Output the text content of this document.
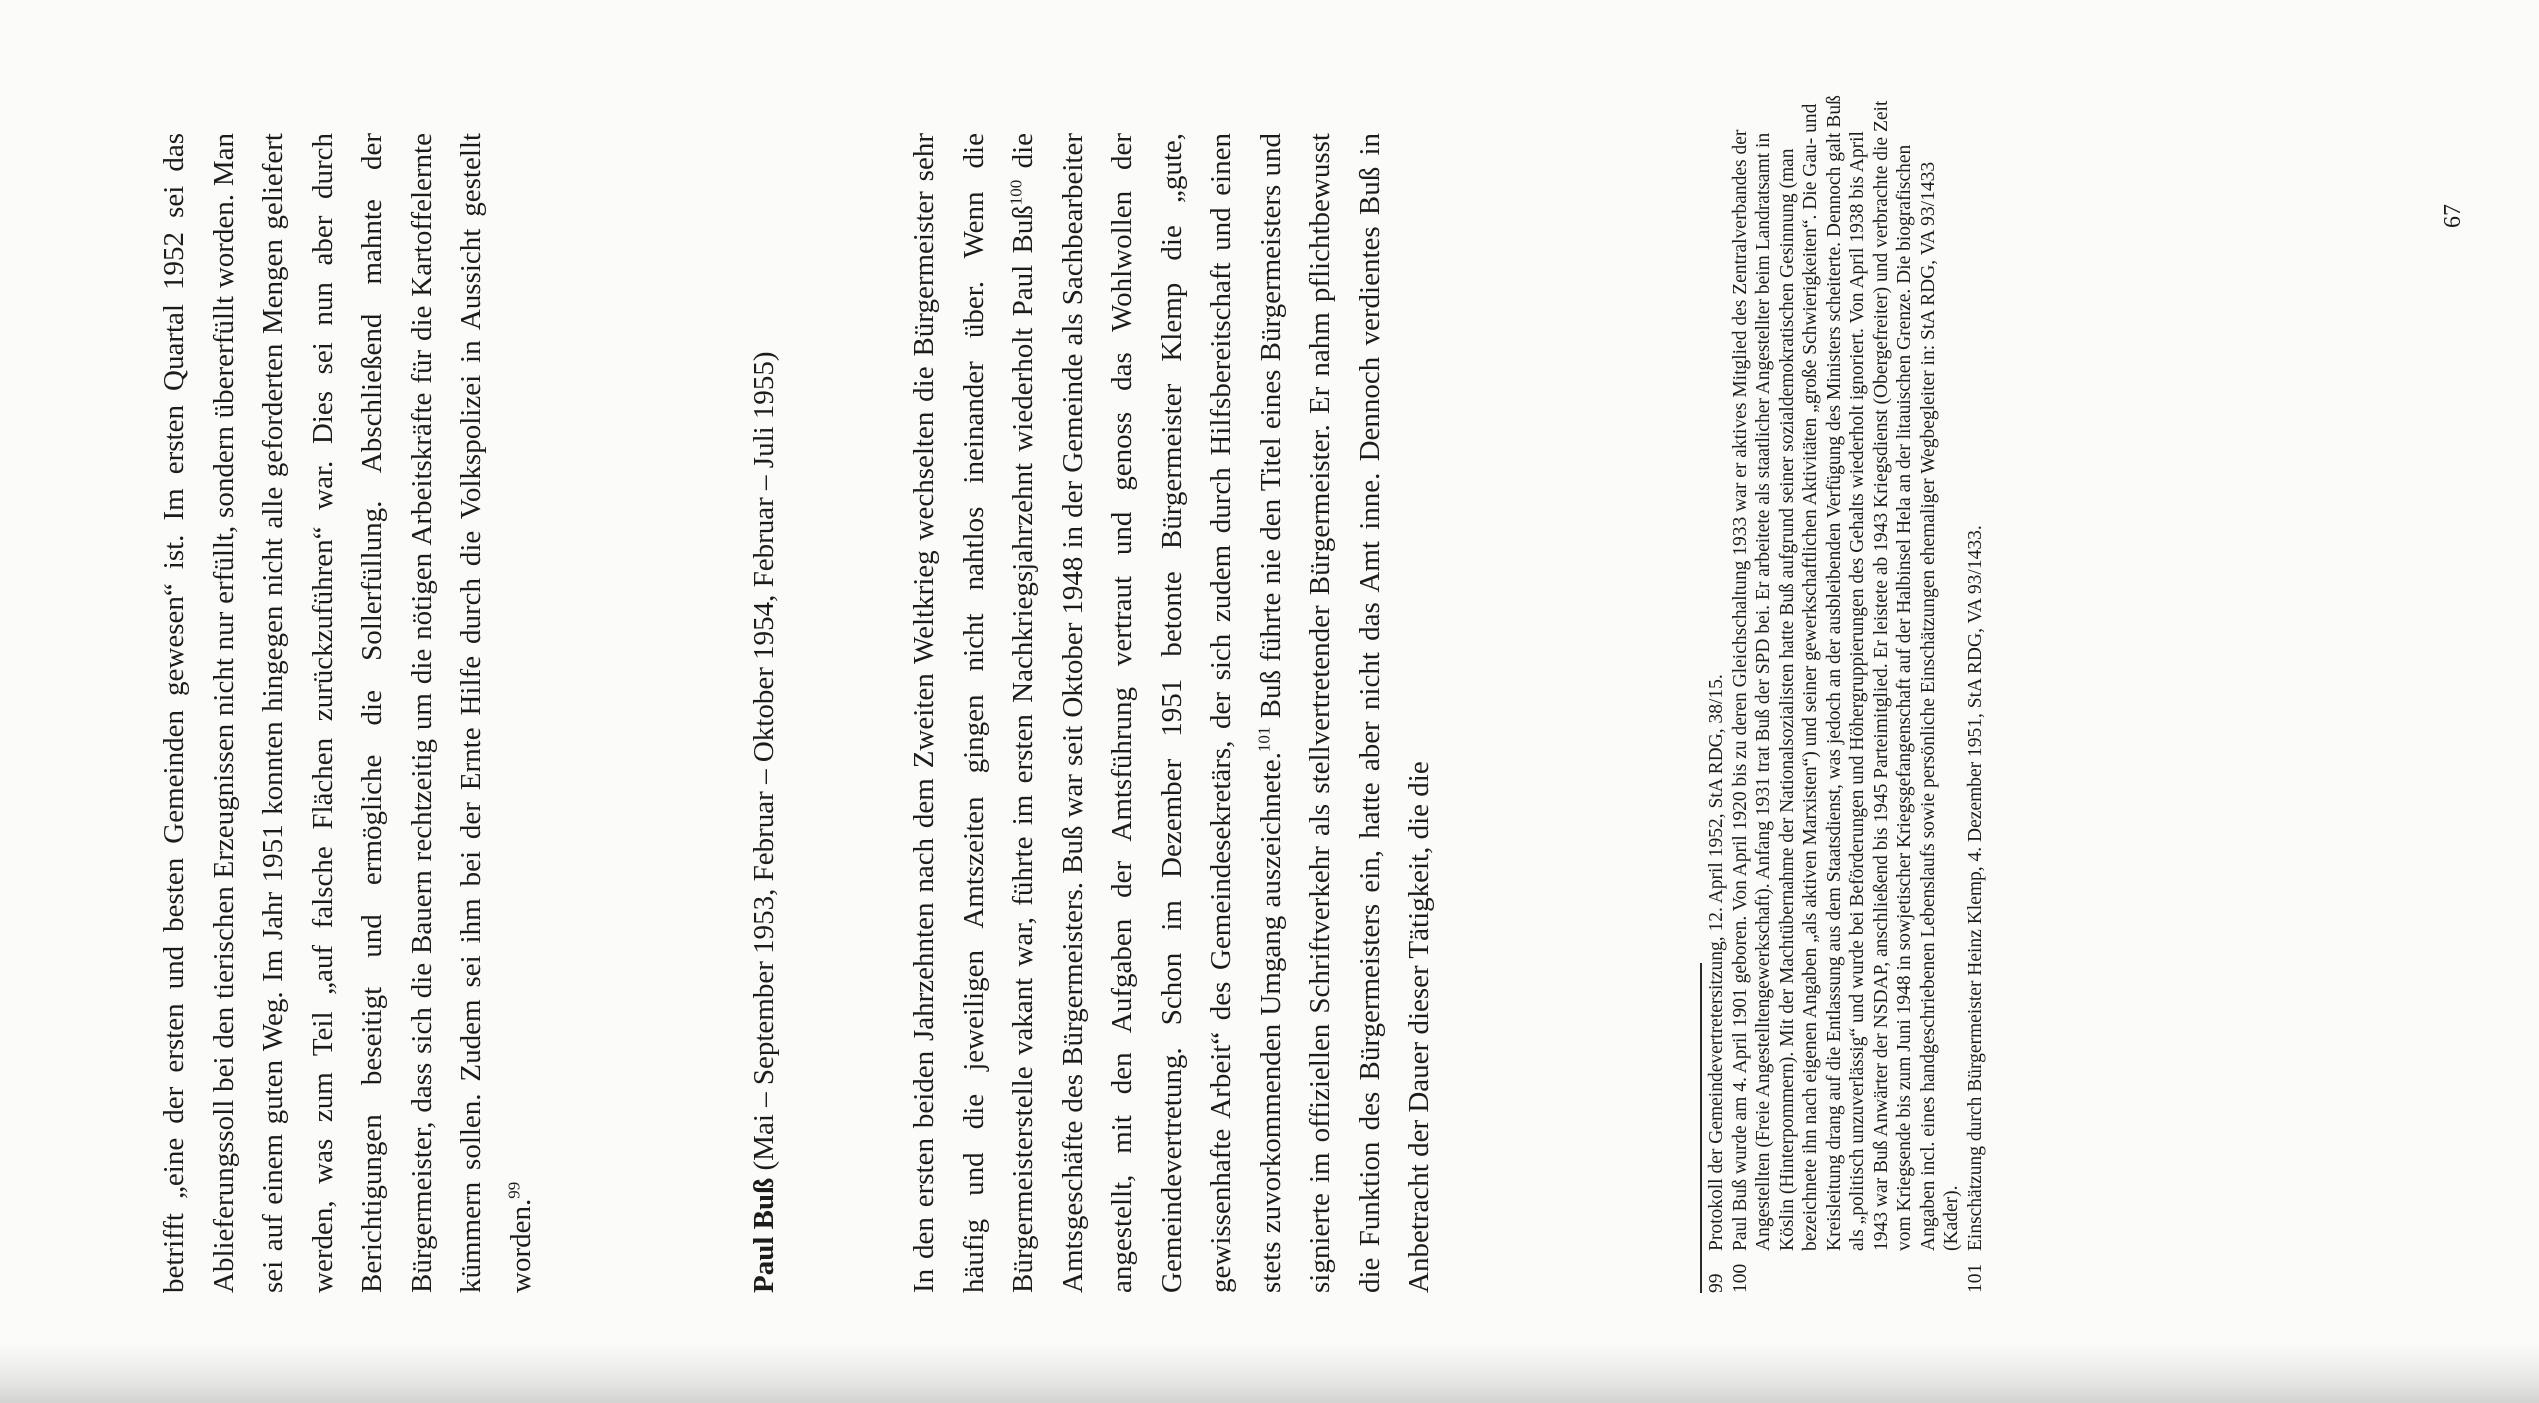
betrifft „eine der ersten und besten Gemeinden gewesen“ ist. Im ersten Quartal 1952 sei das Ablieferungssoll bei den tierischen Erzeugnissen nicht nur erfüllt, sondern übererfüllt worden. Man sei auf einem guten Weg. Im Jahr 1951 konnten hingegen nicht alle geforderten Mengen geliefert werden, was zum Teil „auf falsche Flächen zurückzuführen“ war. Dies sei nun aber durch Berichtigungen beseitigt und ermögliche die Sollerfüllung. Abschließend mahnte der Bürgermeister, dass sich die Bauern rechtzeitig um die nötigen Arbeitskräfte für die Kartoffelernte kümmern sollen. Zudem sei ihm bei der Ernte Hilfe durch die Volkspolizei in Aussicht gestellt worden.$^{99}$	Paul Buß (Mai – September 1953, Februar – Oktober 1954, Februar – Juli 1955)	In den ersten beiden Jahrzehnten nach dem Zweiten Weltkrieg wechselten die Bürgermeister sehr häufig und die jeweiligen Amtszeiten gingen nicht nahtlos ineinander über. Wenn die Bürgermeisterstelle vakant war, führte im ersten Nachkriegsjahrzehnt wiederholt Paul Buß$^{100}$ die Amtsgeschäfte des Bürgermeisters. Buß war seit Oktober 1948 in der Gemeinde als Sachbearbeiter angestellt, mit den Aufgaben der Amtsführung vertraut und genoss das Wohlwollen der Gemeindevertretung. Schon im Dezember 1951 betonte Bürgermeister Klemp die „gute, gewissenhafte Arbeit“ des Gemeindesekretärs, der sich zudem durch Hilfsbereitschaft und einen stets zuvorkommenden Umgang auszeichnete.$^{101}$ Buß führte nie den Titel eines Bürgermeisters und signierte im offiziellen Schriftverkehr als stellvertretender Bürgermeister. Er nahm pflichtbewusst die Funktion des Bürgermeisters ein, hatte aber nicht das Amt inne. Dennoch verdientes Buß in Anbetracht der Dauer dieser Tätigkeit, die die	99
Protokoll der Gemeindevertretersitzung, 12. April 1952, StA RDG, 38/15.
100
Paul Buß wurde am 4. April 1901 geboren. Von April 1920 bis zu deren Gleichschaltung 1933 war er aktives Mitglied des Zentralverbandes der Angestellten (Freie Angestelltengewerkschaft). Anfang 1931 trat Buß der SPD bei. Er arbeitete als staatlicher Angestellter beim Landratsamt in Köslin (Hinterpommern). Mit der Machtübernahme der Nationalsozialisten hatte Buß aufgrund seiner sozialdemokratischen Gesinnung (man bezeichnete ihn nach eigenen Angaben „als aktiven Marxisten“) und seiner gewerkschaftlichen Aktivitäten „große Schwierigkeiten“. Die Gau- und Kreisleitung drang auf die Entlassung aus dem Staatsdienst, was jedoch an der ausbleibenden Verfügung des Ministers scheiterte. Dennoch galt Buß als „politisch unzuverlässig“ und wurde bei Beförderungen und Höhergruppierungen des Gehalts wiederholt ignoriert. Von April 1938 bis April 1943 war Buß Anwärter der NSDAP, anschließend bis 1945 Parteimitglied. Er leistete ab 1943 Kriegsdienst (Obergefreiter) und verbrachte die Zeit vom Kriegsende bis zum Juni 1948 in sowjetischer Kriegsgefangenschaft auf der Halbinsel Hela an der litauischen Grenze. Die biografischen Angaben incl. eines handgeschriebenen Lebenslaufs sowie persönliche Einschätzungen ehemaliger Wegbegleiter in: StA RDG, VA 93/1433 (Kader).
101
Einschätzung durch Bürgermeister Heinz Klemp, 4. Dezember 1951, StA RDG, VA 93/1433.
67
